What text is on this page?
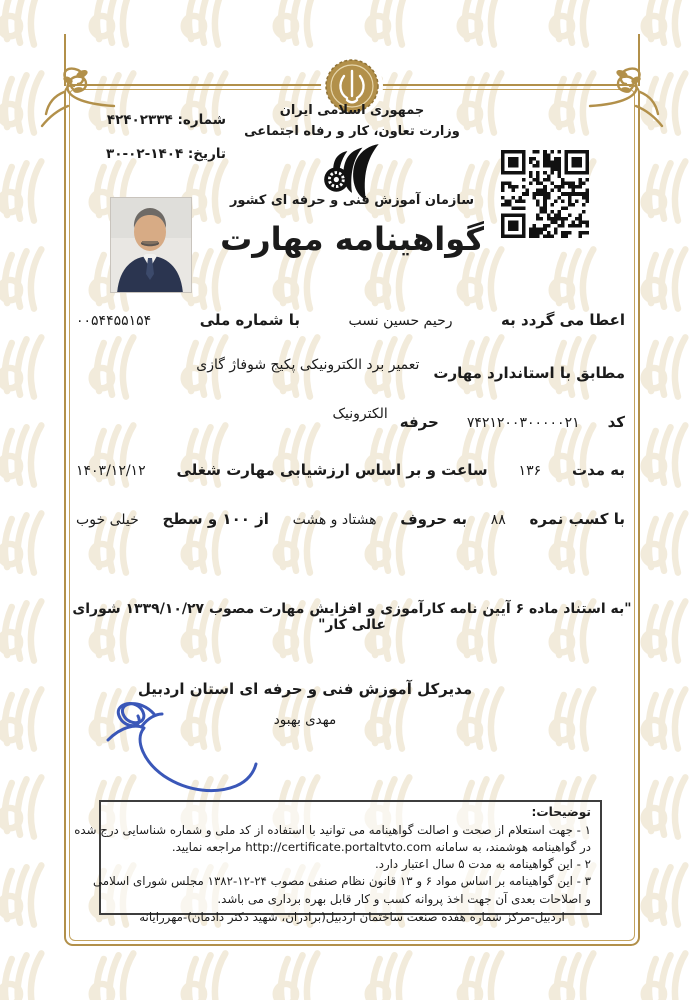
شماره: ۴۲۴۰۲۳۳۴
تاریخ: ۱۴۰۴-۰۲-۳۰
جمهوری اسلامی ایران
وزارت تعاون، کار و رفاه اجتماعی
سازمان آموزش فنی و حرفه ای کشور
گواهینامه مهارت
اعطا می گردد به
رحیم حسین نسب
با شماره ملی
۰۰۵۴۴۵۵۱۵۴
مطابق با استاندارد مهارت
تعمیر برد الکترونیکی پکیج شوفاژ گازی
کد
۷۴۲۱۲۰۰۳۰۰۰۰۰۲۱
حرفه
الکترونیک
به مدت
۱۳۶
ساعت و بر اساس ارزشیابی مهارت شغلی
۱۴۰۳/۱۲/۱۲
با کسب نمره
۸۸
به حروف
هشتاد و هشت
از ۱۰۰ و سطح
خیلی خوب
"به استناد ماده ۶ آیین نامه کارآموزی و افزایش مهارت مصوب ۱۳۳۹/۱۰/۲۷ شورای عالی کار"
مدیرکل آموزش فنی و حرفه ای استان اردبیل
مهدی بهبود
توضیحات:
۱ - جهت استعلام از صحت و اصالت گواهینامه می توانید با استفاده از کد ملی و شماره شناسایی درج شده
در گواهینامه هوشمند، به سامانه http://certificate.portaltvto.com مراجعه نمایید.
۲ - این گواهینامه به مدت ۵ سال اعتبار دارد.
۳ - این گواهینامه بر اساس مواد ۶ و ۱۳ قانون نظام صنفی مصوب ۲۴-۱۲-۱۳۸۲ مجلس شورای اسلامی
و اصلاحات بعدی آن جهت اخذ پروانه کسب و کار قابل بهره برداری می باشد.
اردبیل-مرکز شماره هفده صنعت ساختمان اردبیل(برادران، شهید دکتر دادمان)-مهررایانه
